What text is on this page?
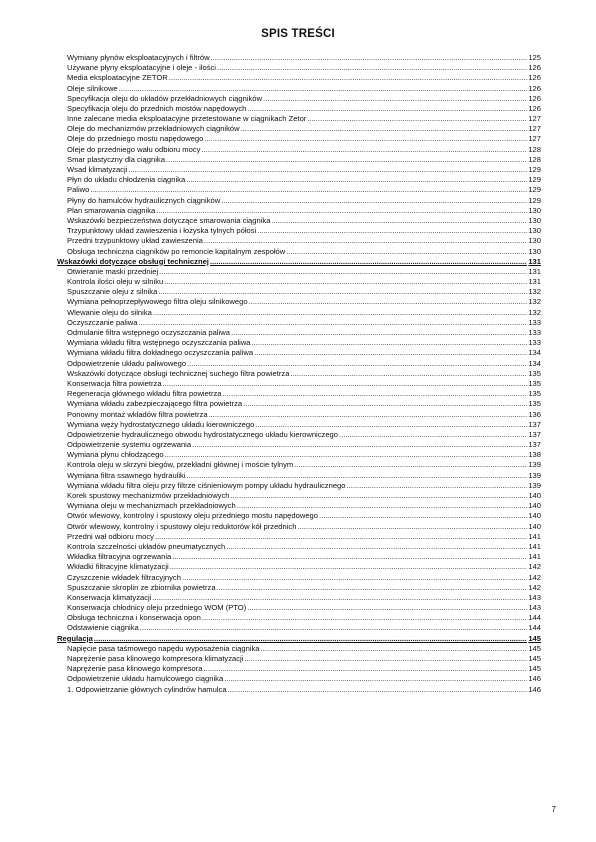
SPIS TREŚCI
Wymiany płynów eksploatacyjnych i filtrów .....	125
Używane płyny eksploatacyjne i oleje - ilości .....	126
Media eksploatacyjne ZETOR .....	126
Oleje silnikowe .....	126
Specyfikacja oleju do układów przekładniowych ciągników .....	126
Specyfikacja oleju do przednich mostów napędowych .....	126
Inne zalecane media eksploatacyjne przetestowane w ciągnikach Zetor .....	127
Oleje do mechanizmów przekładniowych ciągników .....	127
Oleje do przedniego mostu napędowego .....	127
Oleje do przedniego wału odbioru mocy .....	128
Smar plastyczny dla ciągnika .....	128
Wsad klimatyzacji .....	129
Płyn do układu chłodzenia ciągnika .....	129
Paliwo .....	129
Płyny do hamulców hydraulicznych ciągników .....	129
Plan smarowania ciągnika .....	130
Wskazówki bezpieczeństwa dotyczące smarowania ciągnika .....	130
Trzypunktowy układ zawieszenia i łożyska tylnych półosi .....	130
Przedni trzypunktowy układ zawieszenia .....	130
Obsługa techniczna ciągników po remoncie kapitalnym zespołów .....	130
Wskazówki dotyczące obsługi technicznej .....	131
Otwieranie maski przedniej .....	131
Kontrola ilości oleju w silniku .....	131
Spuszczanie oleju z silnika .....	132
Wymiana pełnoprzepływowego filtra oleju silnikowego .....	132
Wlewanie oleju do silnika .....	132
Oczyszczanie paliwa .....	133
Odmulanie filtra wstępnego oczyszczania paliwa .....	133
Wymiana wkładu filtra wstępnego oczyszczania paliwa .....	133
Wymiana wkładu filtra dokładnego oczyszczania paliwa .....	134
Odpowietrzenie układu paliwowego .....	134
Wskazówki dotyczące obsługi technicznej suchego filtra powietrza .....	135
Konserwacja filtra powietrza .....	135
Regeneracja głównego wkładu filtra powietrza .....	135
Wymiana wkładu zabezpieczającego filtra powietrza .....	135
Ponowny montaż wkładów filtra powietrza .....	136
Wymiana węży hydrostatycznego układu kierowniczego .....	137
Odpowietrzenie hydraulicznego obwodu hydrostatycznego układu kierowniczego .....	137
Odpowietrzenie systemu ogrzewania .....	137
Wymiana płynu chłodzącego .....	138
Kontrola oleju w skrzyni biegów, przekładni głównej i moście tylnym .....	139
Wymiana filtra ssawnego hydrauliki .....	139
Wymiana wkładu filtra oleju przy filtrze ciśnieniowym pompy układu hydraulicznego .....	139
Korek spustowy mechanizmów przekładniowych .....	140
Wymiana oleju w mechanizmach przekładniowych .....	140
Otwór wlewowy, kontrolny i spustowy oleju przedniego mostu napędowego .....	140
Otwór wlewowy, kontrolny i spustowy oleju reduktorów kół przednich .....	140
Przedni wał odbioru mocy .....	141
Kontrola szczelności układów pneumatycznych .....	141
Wkładka filtracyjna ogrzewania .....	141
Wkładki filtracyjne klimatyzacji .....	142
Czyszczenie wkładek filtracyjnych .....	142
Spuszczanie skroplin ze zbiornika powietrza .....	142
Konserwacja klimatyzacji .....	143
Konserwacja chłodnicy oleju przedniego WOM (PTO) .....	143
Obsługa techniczna i konserwacja opon .....	144
Odstawienie ciągnika .....	144
Regulacja .....	145
Napięcie pasa taśmowego napędu wyposażenia ciągnika .....	145
Naprężenie pasa klinowego kompresora klimatyzacji .....	145
Naprężenie pasa klinowego kompresora .....	145
Odpowietrzenie układu hamulcowego ciągnika .....	146
1. Odpowietrzanie głównych cylindrów hamulca .....	146
7
